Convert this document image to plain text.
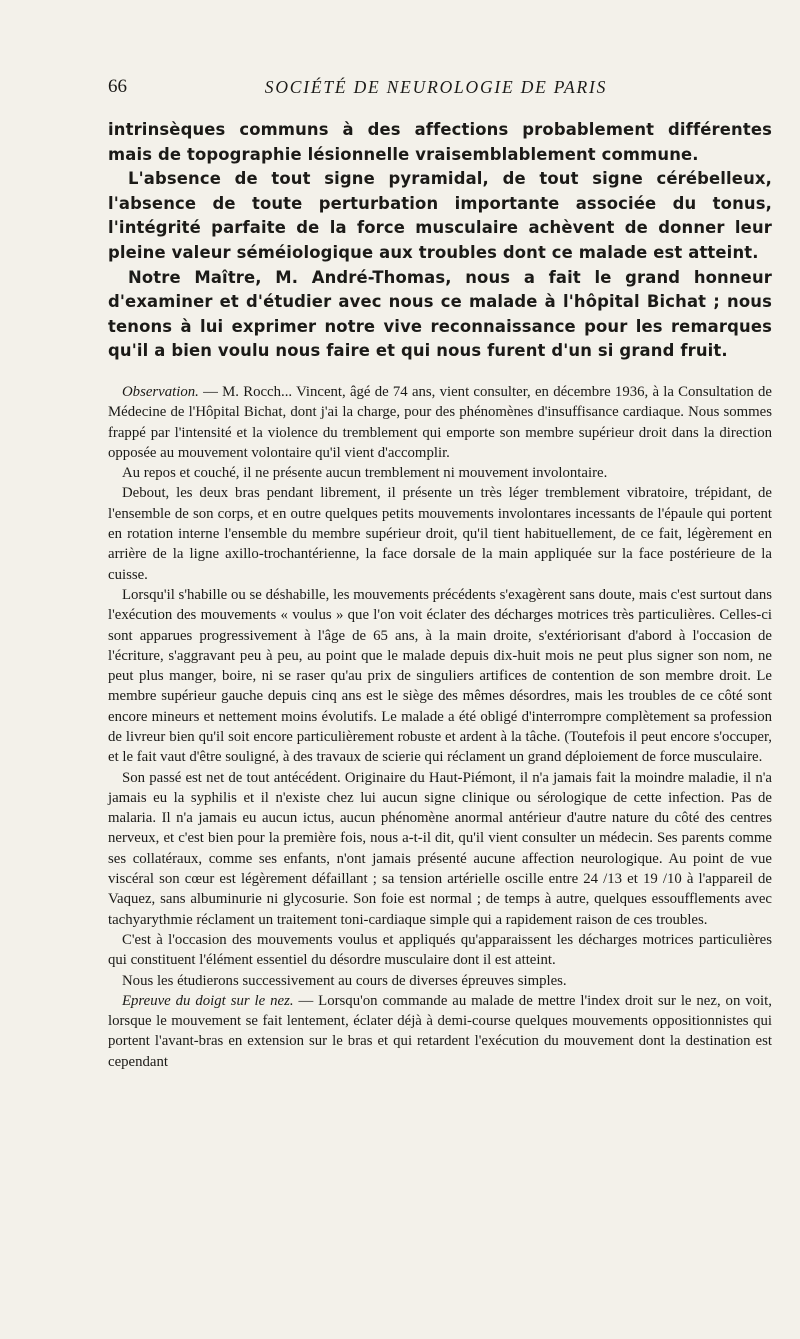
66	SOCIÉTÉ DE NEUROLOGIE DE PARIS

intrinsèques communs à des affections probablement différentes mais de topographie lésionnelle vraisemblablement commune.

L'absence de tout signe pyramidal, de tout signe cérébelleux, l'absence de toute perturbation importante associée du tonus, l'intégrité parfaite de la force musculaire achèvent de donner leur pleine valeur séméiologique aux troubles dont ce malade est atteint.

Notre Maître, M. André-Thomas, nous a fait le grand honneur d'examiner et d'étudier avec nous ce malade à l'hôpital Bichat ; nous tenons à lui exprimer notre vive reconnaissance pour les remarques qu'il a bien voulu nous faire et qui nous furent d'un si grand fruit.

Observation. — M. Rocch... Vincent, âgé de 74 ans, vient consulter, en décembre 1936, à la Consultation de Médecine de l'Hôpital Bichat, dont j'ai la charge, pour des phénomènes d'insuffisance cardiaque. Nous sommes frappé par l'intensité et la violence du tremblement qui emporte son membre supérieur droit dans la direction opposée au mouvement volontaire qu'il vient d'accomplir.

Au repos et couché, il ne présente aucun tremblement ni mouvement involontaire.

Debout, les deux bras pendant librement, il présente un très léger tremblement vibratoire, trépidant, de l'ensemble de son corps, et en outre quelques petits mouvements involontares incessants de l'épaule qui portent en rotation interne l'ensemble du membre supérieur droit, qu'il tient habituellement, de ce fait, légèrement en arrière de la ligne axillo-trochantérienne, la face dorsale de la main appliquée sur la face postérieure de la cuisse.

Lorsqu'il s'habille ou se déshabille, les mouvements précédents s'exagèrent sans doute, mais c'est surtout dans l'exécution des mouvements « voulus » que l'on voit éclater des décharges motrices très particulières. Celles-ci sont apparues progressivement à l'âge de 65 ans, à la main droite, s'extériorisant d'abord à l'occasion de l'écriture, s'aggravant peu à peu, au point que le malade depuis dix-huit mois ne peut plus signer son nom, ne peut plus manger, boire, ni se raser qu'au prix de singuliers artifices de contention de son membre droit. Le membre supérieur gauche depuis cinq ans est le siège des mêmes désordres, mais les troubles de ce côté sont encore mineurs et nettement moins évolutifs. Le malade a été obligé d'interrompre complètement sa profession de livreur bien qu'il soit encore particulièrement robuste et ardent à la tâche. (Toutefois il peut encore s'occuper, et le fait vaut d'être souligné, à des travaux de scierie qui réclament un grand déploiement de force musculaire.

Son passé est net de tout antécédent. Originaire du Haut-Piémont, il n'a jamais fait la moindre maladie, il n'a jamais eu la syphilis et il n'existe chez lui aucun signe clinique ou sérologique de cette infection. Pas de malaria. Il n'a jamais eu aucun ictus, aucun phénomène anormal antérieur d'autre nature du côté des centres nerveux, et c'est bien pour la première fois, nous a-t-il dit, qu'il vient consulter un médecin. Ses parents comme ses collatéraux, comme ses enfants, n'ont jamais présenté aucune affection neurologique. Au point de vue viscéral son cœur est légèrement défaillant ; sa tension artérielle oscille entre 24 /13 et 19 /10 à l'appareil de Vaquez, sans albuminurie ni glycosurie. Son foie est normal ; de temps à autre, quelques essoufflements avec tachyarythmie réclament un traitement toni-cardiaque simple qui a rapidement raison de ces troubles.

C'est à l'occasion des mouvements voulus et appliqués qu'apparaissent les décharges motrices particulières qui constituent l'élément essentiel du désordre musculaire dont il est atteint.

Nous les étudierons successivement au cours de diverses épreuves simples.

Epreuve du doigt sur le nez. — Lorsqu'on commande au malade de mettre l'index droit sur le nez, on voit, lorsque le mouvement se fait lentement, éclater déjà à demi-course quelques mouvements oppositionnistes qui portent l'avant-bras en extension sur le bras et qui retardent l'exécution du mouvement dont la destination est cependant
